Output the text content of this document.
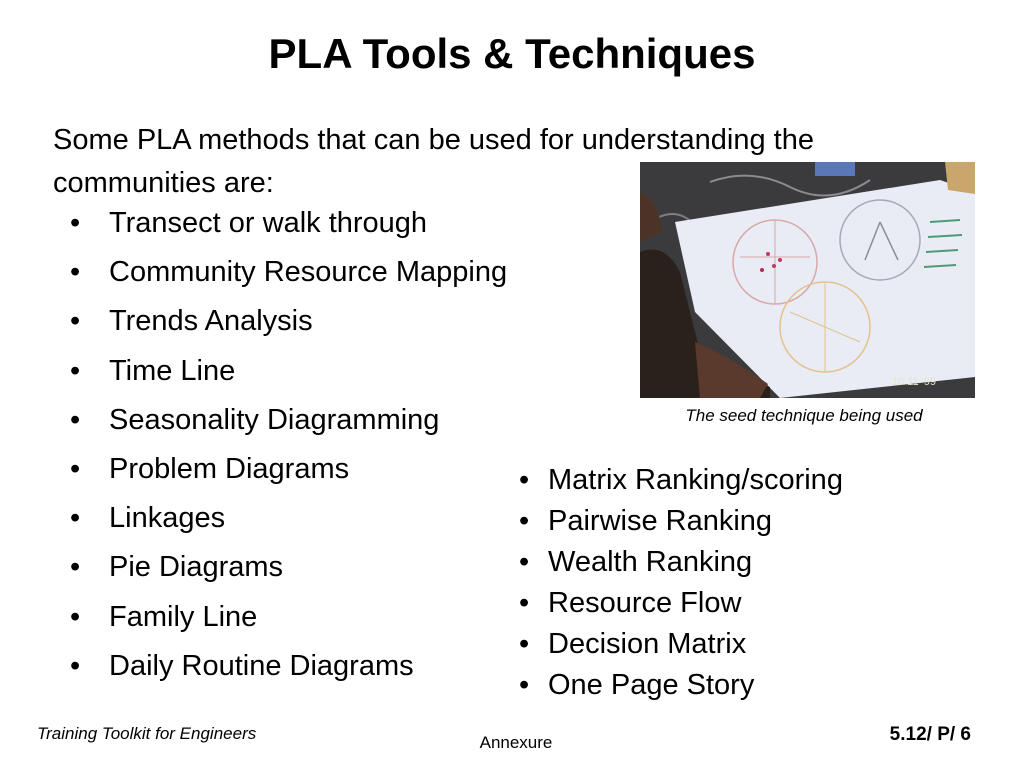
PLA Tools & Techniques
Some PLA methods that can be used for understanding the communities are:
• Transect or walk through
• Community Resource Mapping
• Trends Analysis
• Time Line
• Seasonality Diagramming
• Problem Diagrams
• Linkages
• Pie Diagrams
• Family Line
• Daily Routine Diagrams
10 11 '99
The seed technique being used
• Matrix Ranking/scoring
• Pairwise Ranking
• Wealth Ranking
• Resource Flow
• Decision Matrix
• One Page Story
Training Toolkit for Engineers	Annexure	5.12/ P/ 6
